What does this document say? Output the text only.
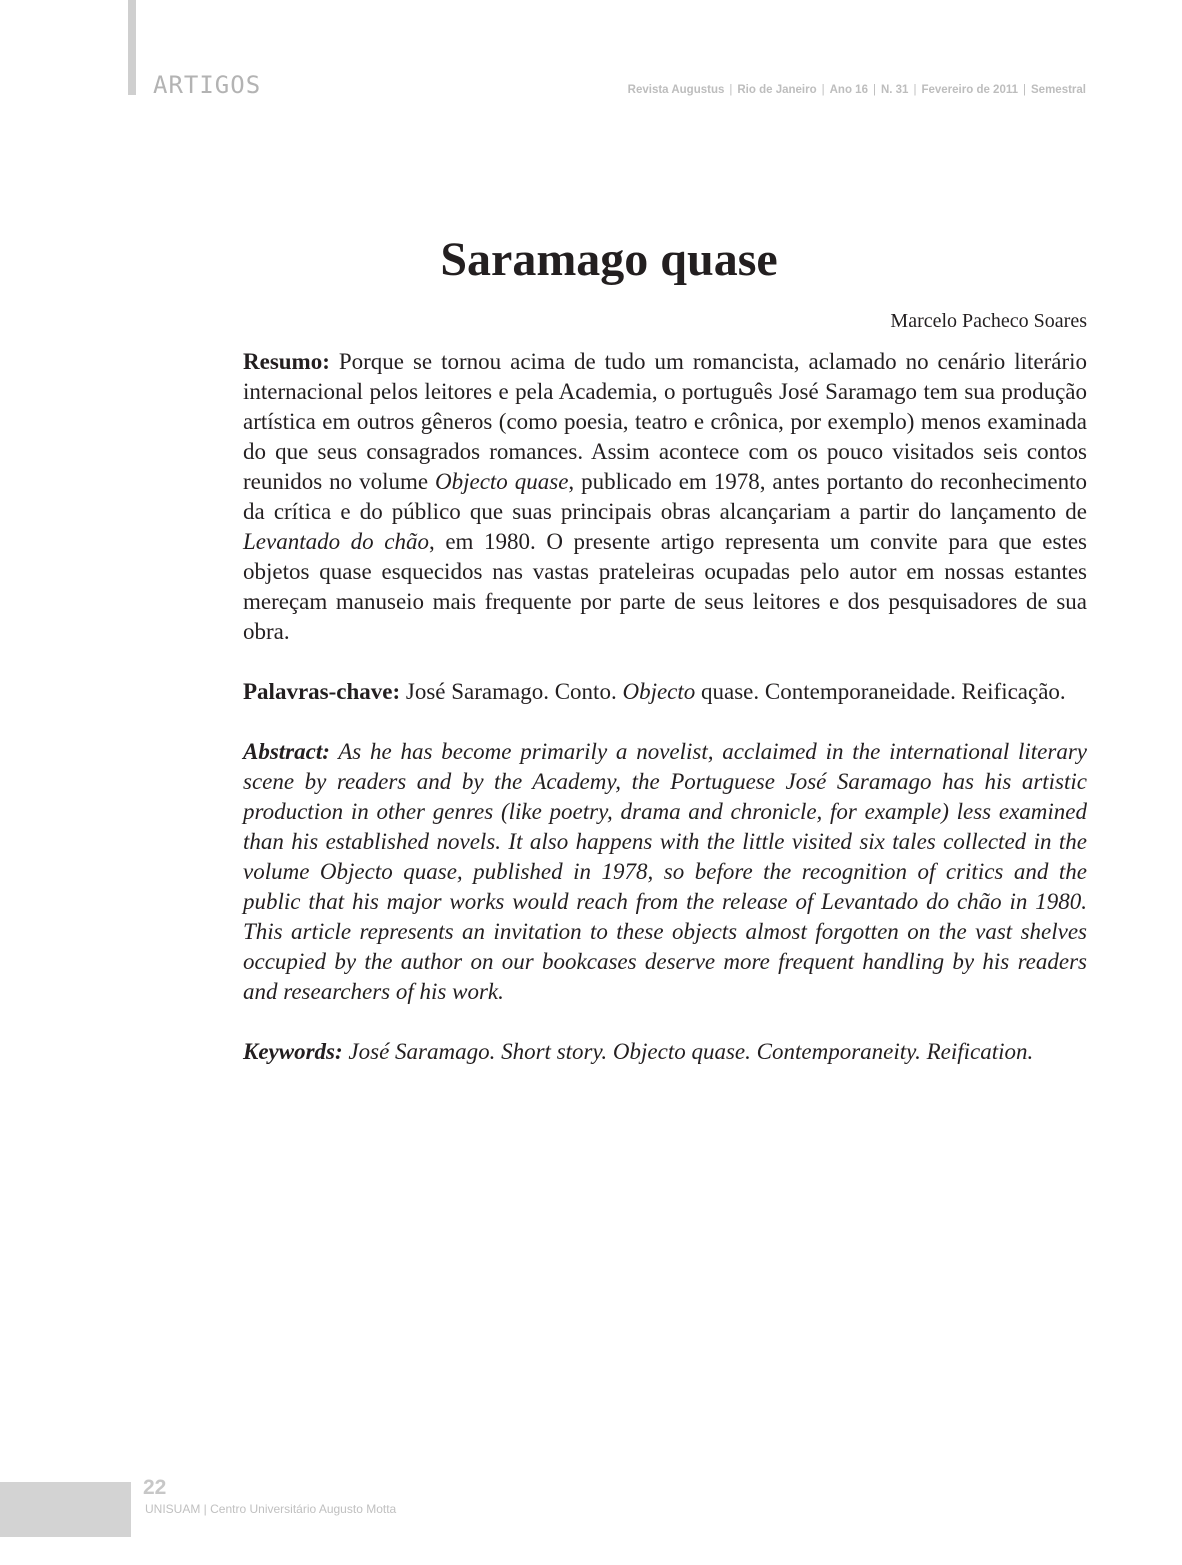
ARTIGOS	Revista Augustus | Rio de Janeiro | Ano 16 | N. 31 | Fevereiro de 2011 | Semestral
Saramago quase
Marcelo Pacheco Soares

Resumo: Porque se tornou acima de tudo um romancista, aclamado no cenário literário internacional pelos leitores e pela Academia, o português José Saramago tem sua produção artística em outros gêneros (como poesia, teatro e crônica, por exemplo) menos examinada do que seus consagrados romances. Assim acontece com os pouco visitados seis contos reunidos no volume Objecto quase, publicado em 1978, antes portanto do reconhecimento da crítica e do público que suas principais obras alcançariam a partir do lançamento de Levantado do chão, em 1980. O presente artigo representa um convite para que estes objetos quase esquecidos nas vastas prateleiras ocupadas pelo autor em nossas estantes mereçam manuseio mais frequente por parte de seus leitores e dos pesquisadores de sua obra.

Palavras-chave: José Saramago. Conto. Objecto quase. Contemporaneidade. Reificação.

Abstract: As he has become primarily a novelist, acclaimed in the international literary scene by readers and by the Academy, the Portuguese José Saramago has his artistic production in other genres (like poetry, drama and chronicle, for example) less examined than his established novels. It also happens with the little visited six tales collected in the volume Objecto quase, published in 1978, so before the recognition of critics and the public that his major works would reach from the release of Levantado do chão in 1980. This article represents an invitation to these objects almost forgotten on the vast shelves occupied by the author on our bookcases deserve more frequent handling by his readers and researchers of his work.

Keywords: José Saramago. Short story. Objecto quase. Contemporaneity. Reification.

22
UNISUAM | Centro Universitário Augusto Motta
